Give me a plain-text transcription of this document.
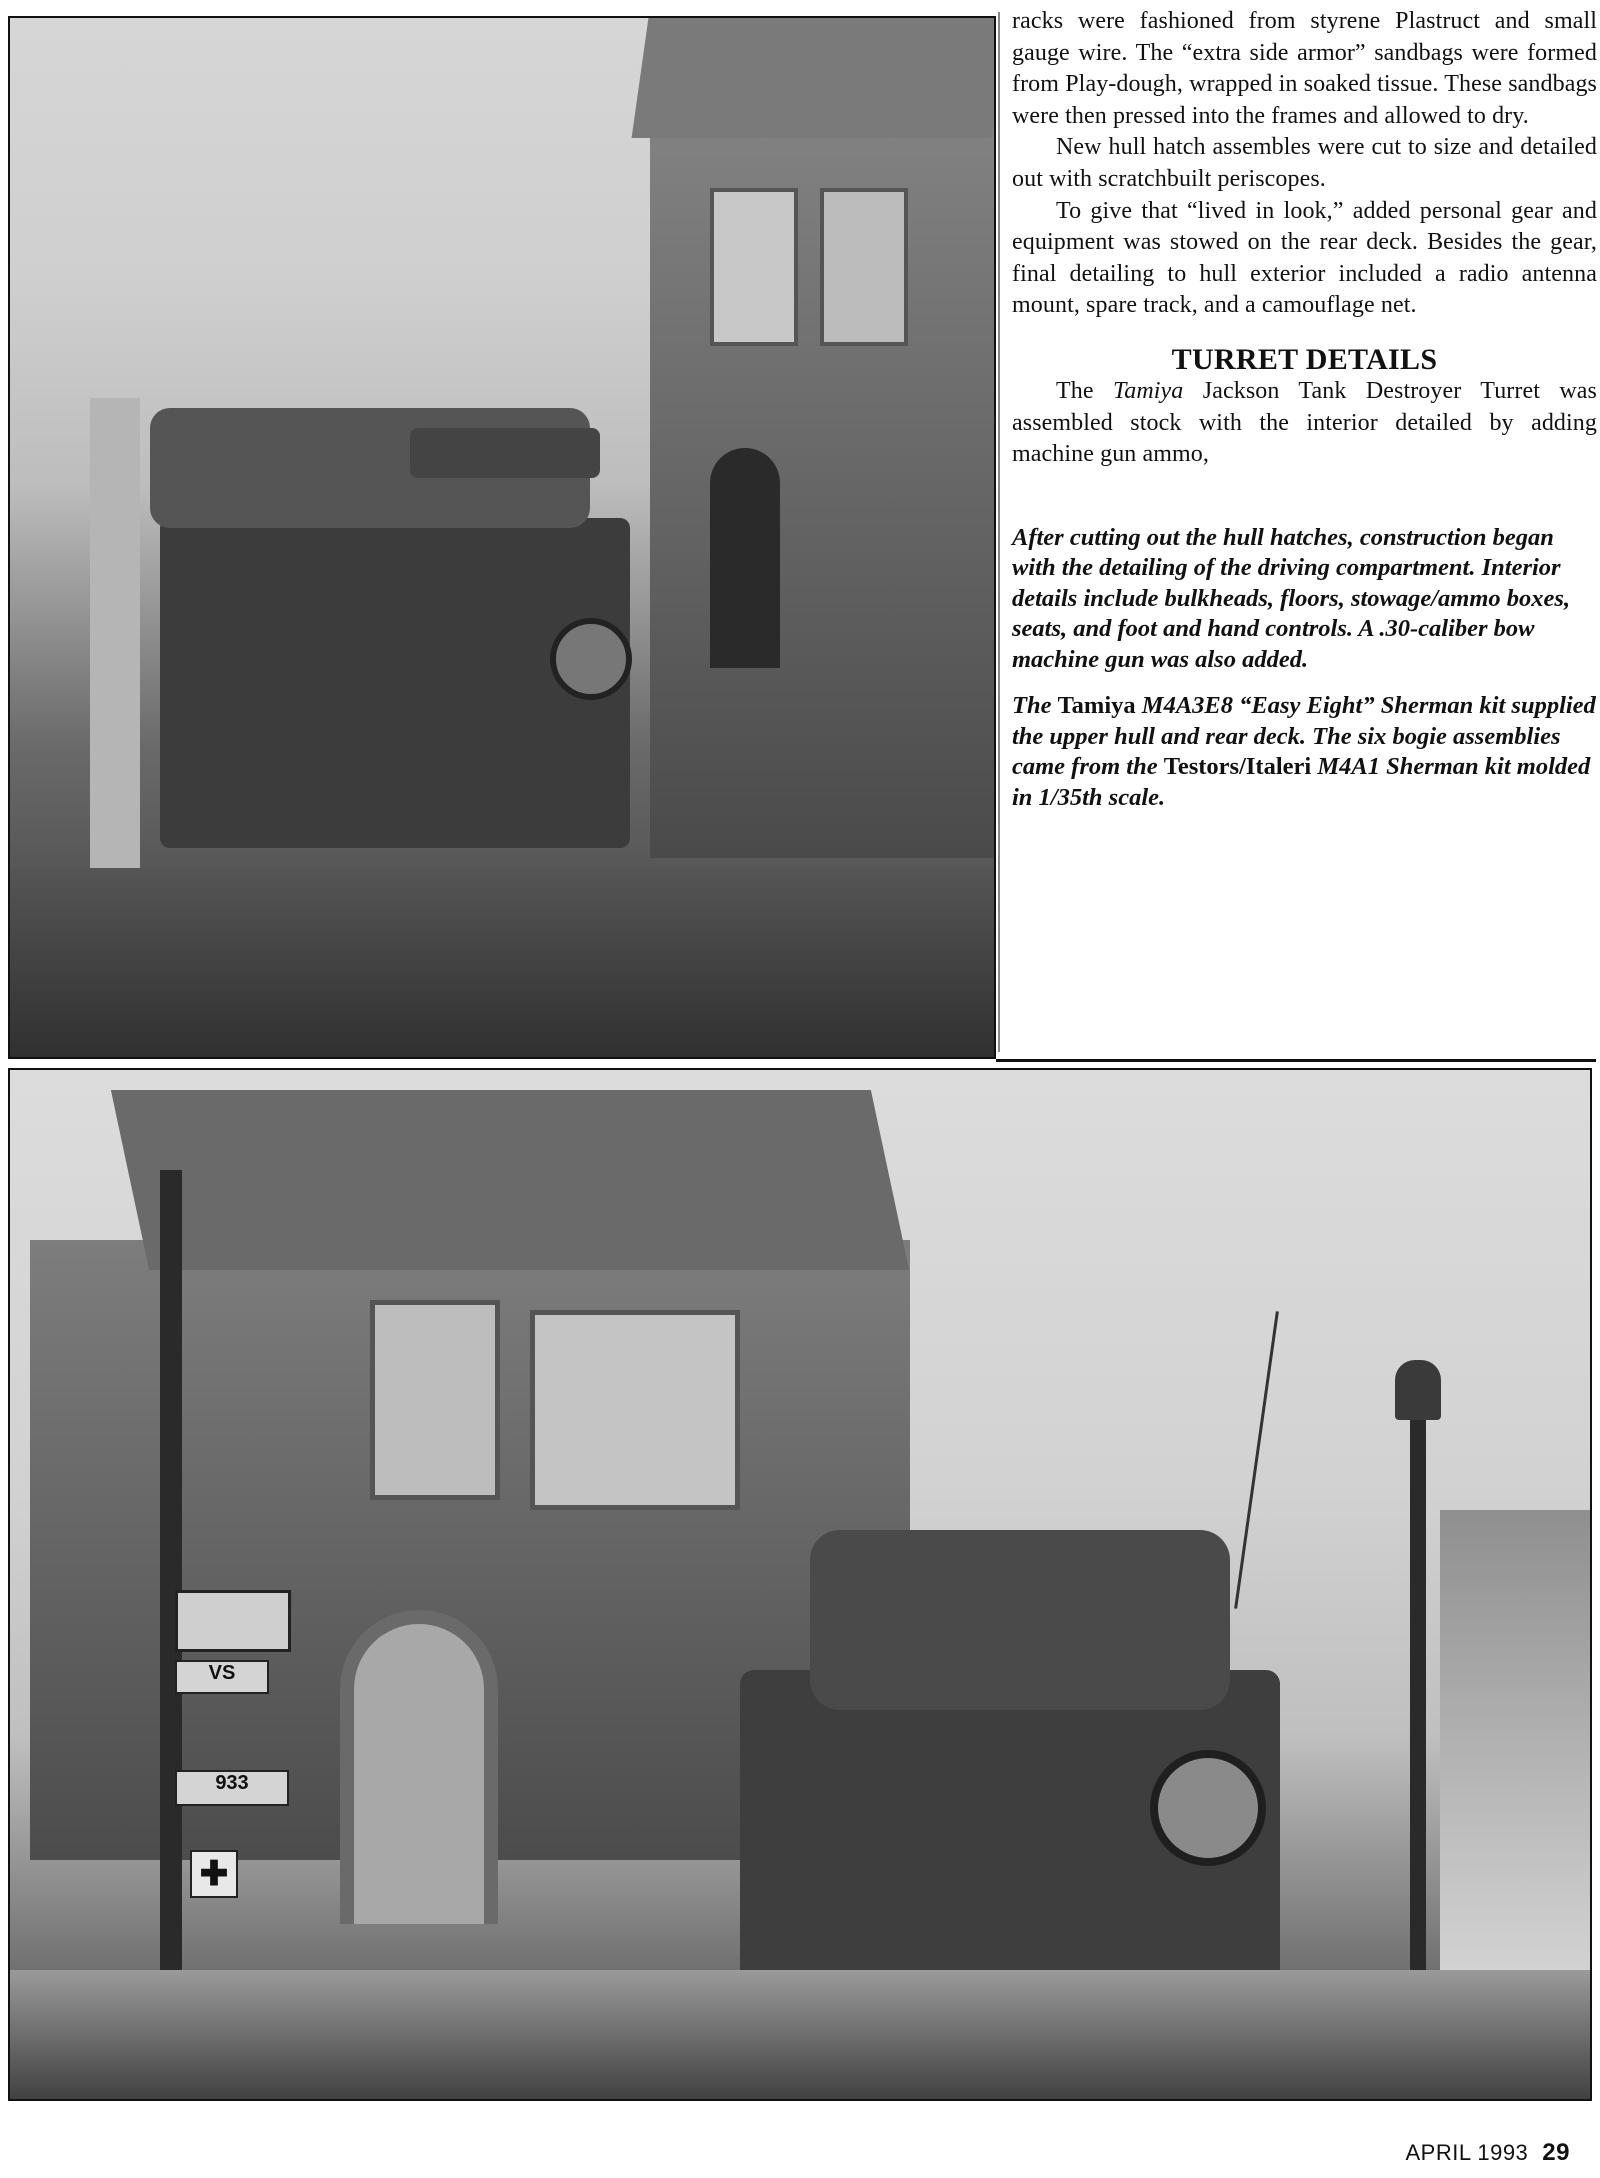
racks were fashioned from styrene Plastruct and small gauge wire. The “extra side armor” sandbags were formed from Play-dough, wrapped in soaked tissue. These sandbags were then pressed into the frames and allowed to dry.

New hull hatch assembles were cut to size and detailed out with scratchbuilt periscopes.

To give that “lived in look,” added personal gear and equipment was stowed on the rear deck. Besides the gear, final detailing to hull exterior included a radio antenna mount, spare track, and a camouflage net.

TURRET DETAILS

The Tamiya Jackson Tank Destroyer Turret was assembled stock with the interior detailed by adding machine gun ammo,

After cutting out the hull hatches, construction began with the detailing of the driving compartment. Interior details include bulkheads, floors, stowage/ammo boxes, seats, and foot and hand controls. A .30-caliber bow machine gun was also added.

The Tamiya M4A3E8 “Easy Eight” Sherman kit supplied the upper hull and rear deck. The six bogie assemblies came from the Testors/Italeri M4A1 Sherman kit molded in 1/35th scale.

VS
933
✚
APRIL 1993 29
